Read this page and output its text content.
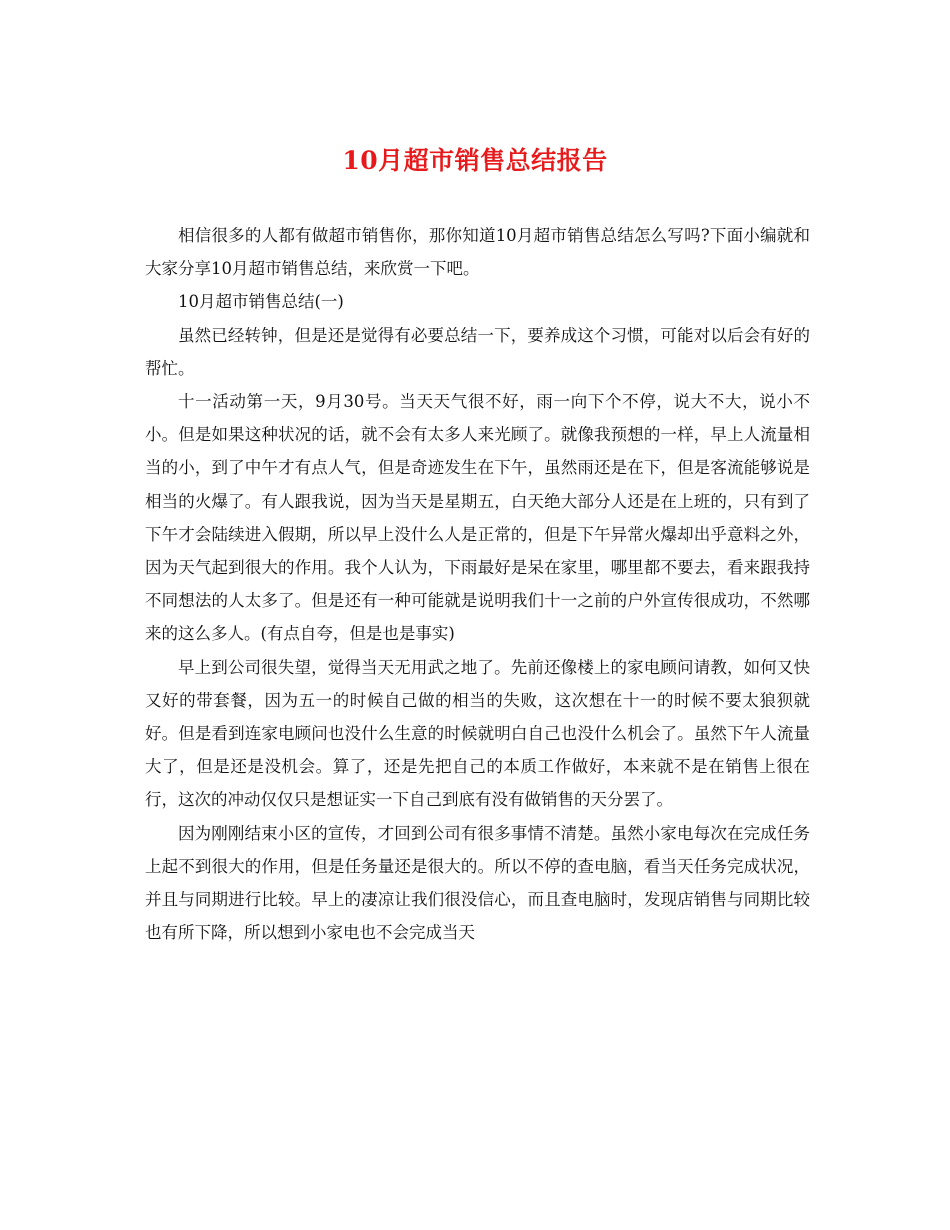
10月超市销售总结报告

相信很多的人都有做超市销售你，那你知道10月超市销售总结怎么写吗?下面小编就和大家分享10月超市销售总结，来欣赏一下吧。

10月超市销售总结(一)

虽然已经转钟，但是还是觉得有必要总结一下，要养成这个习惯，可能对以后会有好的帮忙。

十一活动第一天，9月30号。当天天气很不好，雨一向下个不停，说大不大，说小不小。但是如果这种状况的话，就不会有太多人来光顾了。就像我预想的一样，早上人流量相当的小，到了中午才有点人气，但是奇迹发生在下午，虽然雨还是在下，但是客流能够说是相当的火爆了。有人跟我说，因为当天是星期五，白天绝大部分人还是在上班的，只有到了下午才会陆续进入假期，所以早上没什么人是正常的，但是下午异常火爆却出乎意料之外，因为天气起到很大的作用。我个人认为，下雨最好是呆在家里，哪里都不要去，看来跟我持不同想法的人太多了。但是还有一种可能就是说明我们十一之前的户外宣传很成功，不然哪来的这么多人。(有点自夸，但是也是事实)

早上到公司很失望，觉得当天无用武之地了。先前还像楼上的家电顾问请教，如何又快又好的带套餐，因为五一的时候自己做的相当的失败，这次想在十一的时候不要太狼狈就好。但是看到连家电顾问也没什么生意的时候就明白自己也没什么机会了。虽然下午人流量大了，但是还是没机会。算了，还是先把自己的本质工作做好，本来就不是在销售上很在行，这次的冲动仅仅只是想证实一下自己到底有没有做销售的天分罢了。

因为刚刚结束小区的宣传，才回到公司有很多事情不清楚。虽然小家电每次在完成任务上起不到很大的作用，但是任务量还是很大的。所以不停的查电脑，看当天任务完成状况，并且与同期进行比较。早上的凄凉让我们很没信心，而且查电脑时，发现店销售与同期比较也有所下降，所以想到小家电也不会完成当天
